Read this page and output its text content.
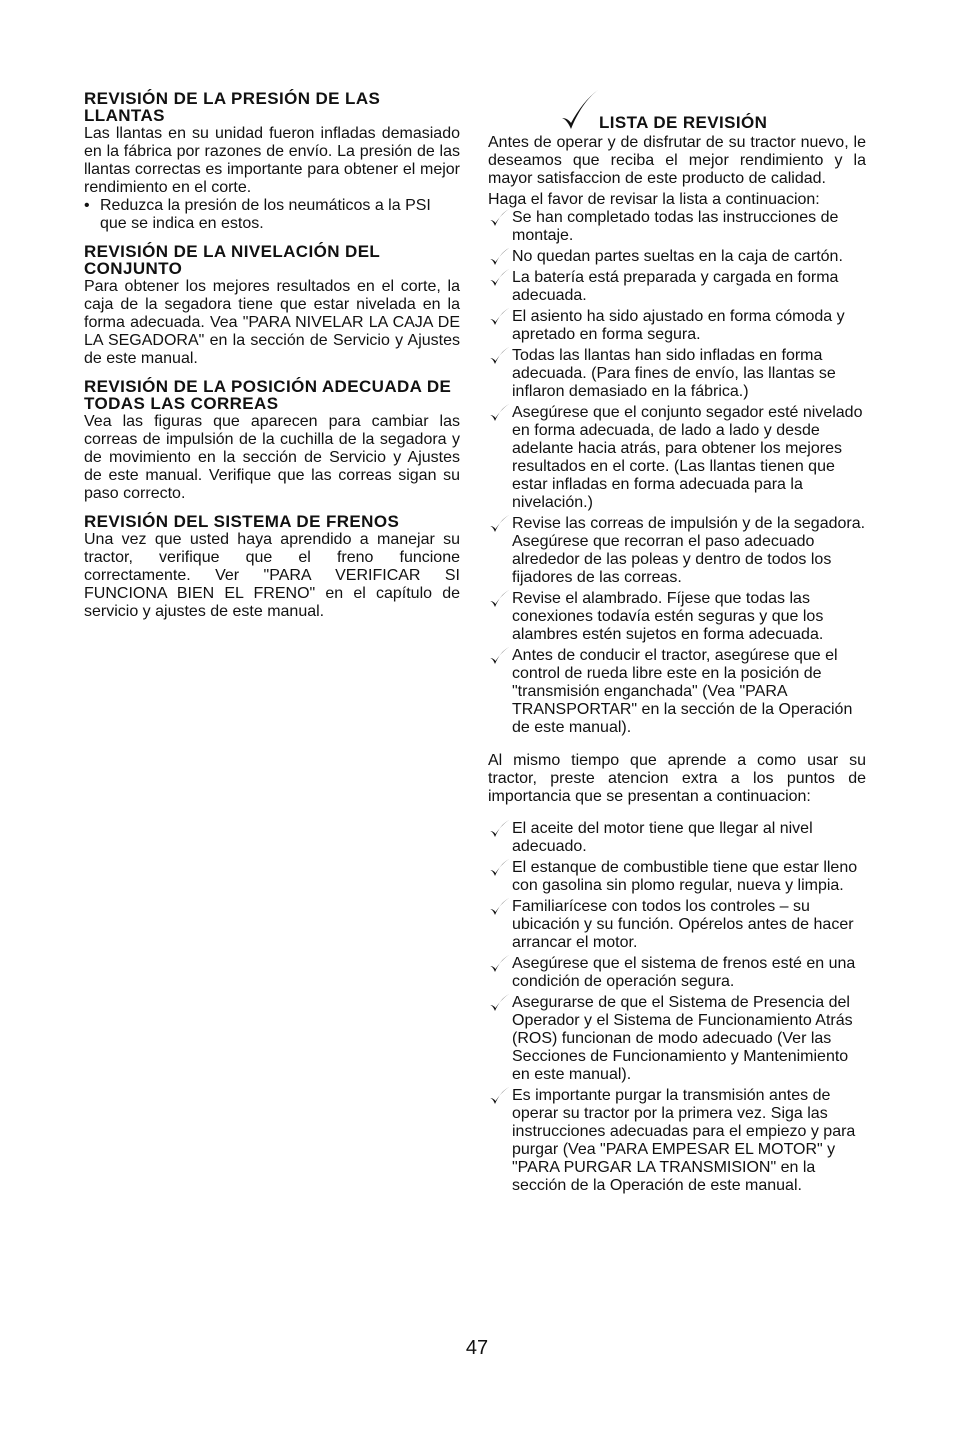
REVISIÓN DE LA PRESIÓN DE LAS LLANTAS

Las llantas en su unidad fueron infladas demasiado en la fábrica por razones de envío. La presión de las llantas correctas es importante para obtener el mejor rendimiento en el corte.

• Reduzca la presión de los neumáticos a la PSI que se indica en estos.
REVISIÓN DE LA NIVELACIÓN DEL CONJUNTO

Para obtener los mejores resultados en el corte, la caja de la segadora tiene que estar nivelada en la forma adecuada. Vea "PARA NIVELAR LA CAJA DE LA SEGADORA" en la sección de Servicio y Ajustes de este manual.

REVISIÓN DE LA POSICIÓN ADECUADA DE TODAS LAS CORREAS

Vea las figuras que aparecen para cambiar las correas de impulsión de la cuchilla de la segadora y de movimiento en la sección de Servicio y Ajustes de este manual. Verifique que las correas sigan su paso correcto.

REVISIÓN DEL SISTEMA DE FRENOS

Una vez que usted haya aprendido a manejar su tractor, verifique que el freno funcione correctamente. Ver "PARA VERIFICAR SI FUNCIONA BIEN EL FRENO" en el capítulo de servicio y ajustes de este manual.

LISTA DE REVISIÓN

Antes de operar y de disfrutar de su tractor nuevo, le deseamos que reciba el mejor rendimiento y la mayor satisfaccion de este producto de calidad.

Haga el favor de revisar la lista a continuacion:

Se han completado todas las instrucciones de montaje.
No quedan partes sueltas en la caja de cartón.
La batería está preparada y cargada en forma adecuada.
El asiento ha sido ajustado en forma cómoda y apretado en forma segura.
Todas las llantas han sido infladas en forma adecuada. (Para fines de envío, las llantas se inflaron demasiado en la fábrica.)
Asegúrese que el conjunto segador esté nivelado en forma adecuada, de lado a lado y desde adelante hacia atrás, para obtener los mejores resultados en el corte. (Las llantas tienen que estar infladas en forma adecuada para la nivelación.)
Revise las correas de impulsión y de la segadora. Asegúrese que recorran el paso adecuado alrededor de las poleas y dentro de todos los fijadores de las correas.
Revise el alambrado. Fíjese que todas las conexiones todavía estén seguras y que los alambres estén sujetos en forma adecuada.
Antes de conducir el tractor, asegúrese que el control de rueda libre este en la posición de "transmisión enganchada" (Vea "PARA TRANSPORTAR" en la sección de la Operación de este manual).

Al mismo tiempo que aprende a como usar su tractor, preste atencion extra a los puntos de importancia que se presentan a continuacion:

El aceite del motor tiene que llegar al nivel adecuado.
El estanque de combustible tiene que estar lleno con gasolina sin plomo regular, nueva y limpia.
Familiarícese con todos los controles – su ubicación y su función. Opérelos antes de hacer arrancar el motor.
Asegúrese que el sistema de frenos esté en una condición de operación segura.
Asegurarse de que el Sistema de Presencia del Operador y el Sistema de Funcionamiento Atrás (ROS) funcionan de modo adecuado (Ver las Secciones de Funcionamiento y Mantenimiento en este manual).
Es importante purgar la transmisión antes de operar su tractor por la primera vez. Siga las instrucciones adecuadas para el empiezo y para purgar (Vea "PARA EMPESAR EL MOTOR" y "PARA PURGAR LA TRANSMISION" en la sección de la Operación de este manual.
47
